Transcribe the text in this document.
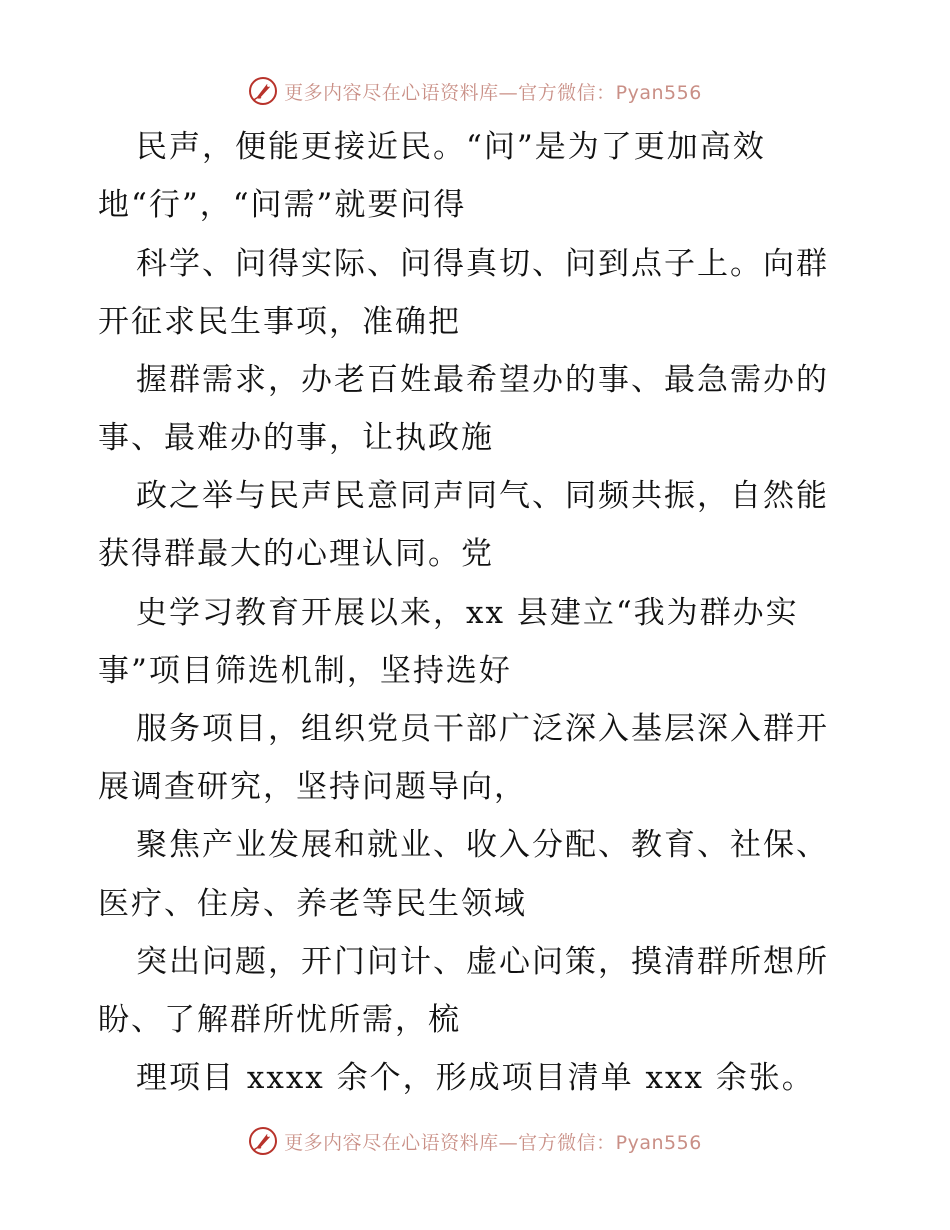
更多内容尽在心语资料库—官方微信：Pyan556
民声，便能更接近民。“问”是为了更加高效
地“行”，“问需”就要问得
科学、问得实际、问得真切、问到点子上。向群
开征求民生事项，准确把
握群需求，办老百姓最希望办的事、最急需办的
事、最难办的事，让执政施
政之举与民声民意同声同气、同频共振，自然能
获得群最大的心理认同。党
史学习教育开展以来，xx 县建立“我为群办实
事”项目筛选机制，坚持选好
服务项目，组织党员干部广泛深入基层深入群开
展调查研究，坚持问题导向，
聚焦产业发展和就业、收入分配、教育、社保、
医疗、住房、养老等民生领域
突出问题，开门问计、虚心问策，摸清群所想所
盼、了解群所忧所需，梳
理项目 xxxx 余个，形成项目清单 xxx 余张。
更多内容尽在心语资料库—官方微信：Pyan556
